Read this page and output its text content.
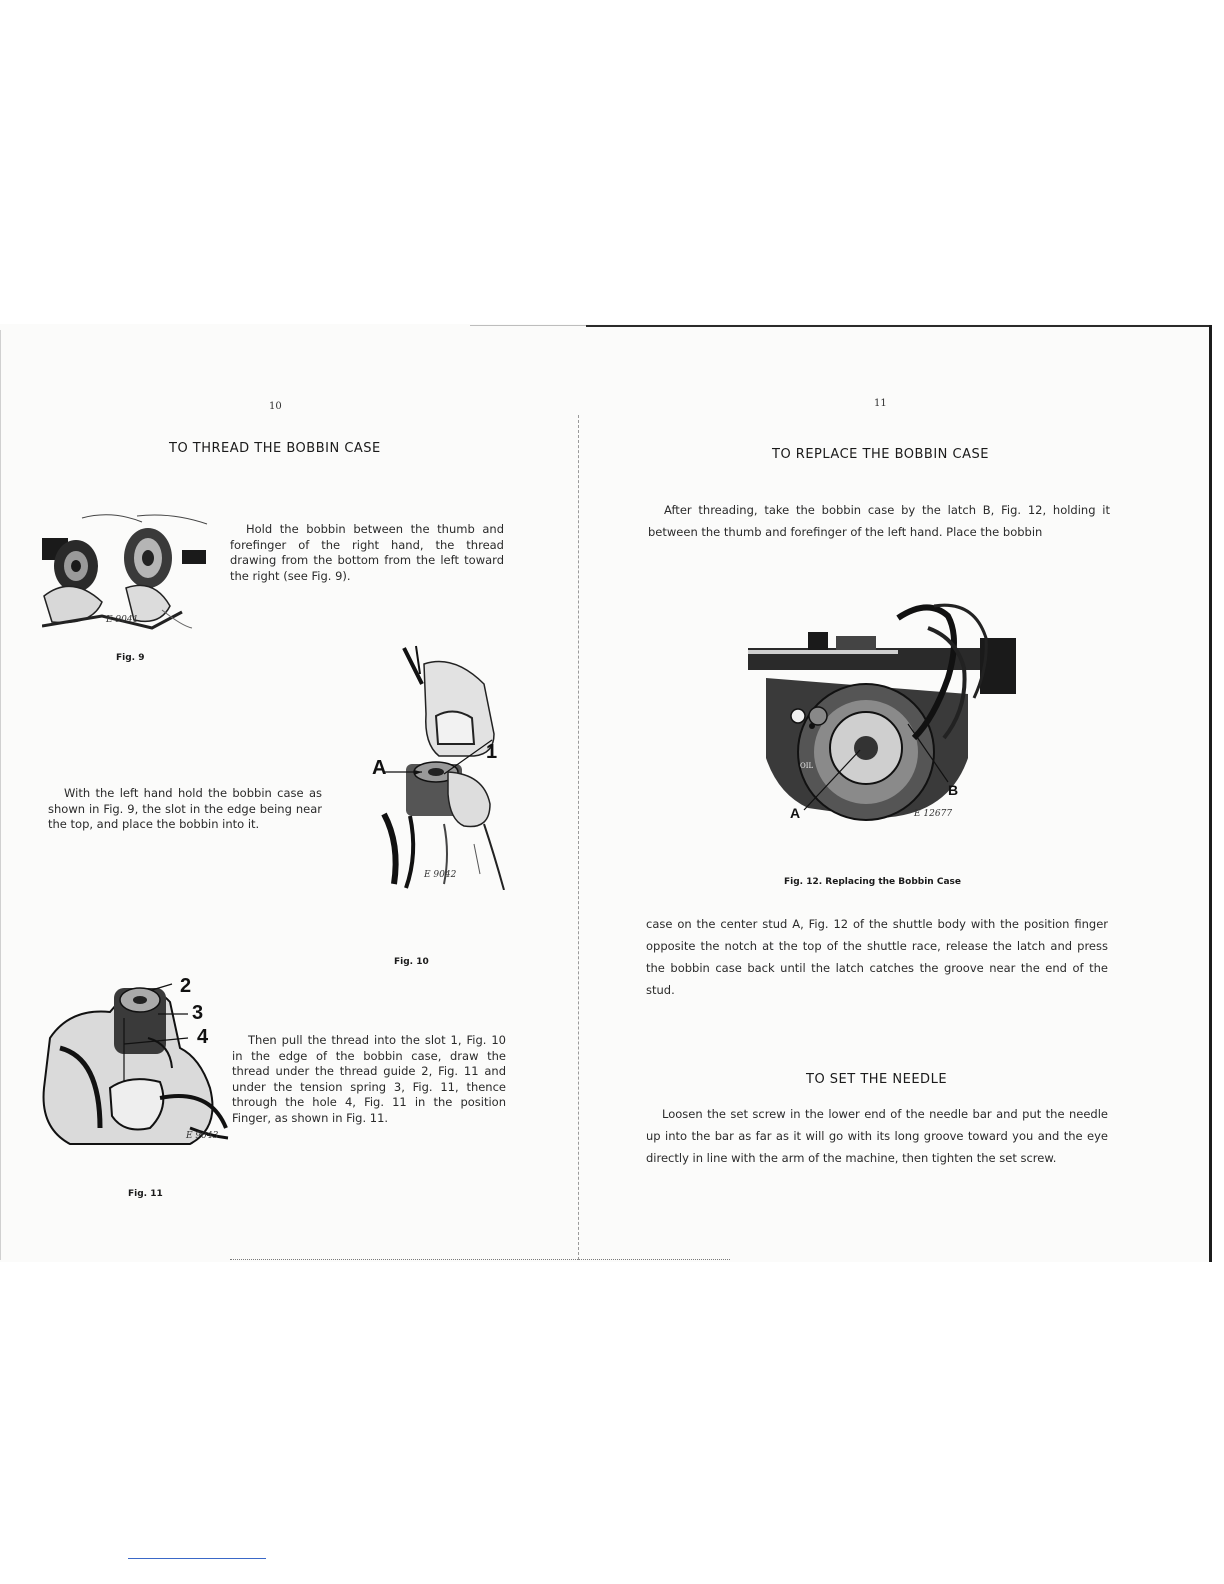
10
TO THREAD THE BOBBIN CASE
E 9041
Fig. 9
Hold the bobbin between the thumb and forefinger of the right hand, the thread drawing from the bottom from the left toward the right (see Fig. 9).
A
1
E 9042
Fig. 10
With the left hand hold the bobbin case as shown in Fig. 9, the slot in the edge being near the top, and place the bobbin into it.
2
3
4
E 9043
Fig. 11
Then pull the thread into the slot 1, Fig. 10 in the edge of the bobbin case, draw the thread under the thread guide 2, Fig. 11 and under the tension spring 3, Fig. 11, thence through the hole 4, Fig. 11 in the position Finger, as shown in Fig. 11.
11
TO REPLACE THE BOBBIN CASE
After threading, take the bobbin case by the latch B, Fig. 12, holding it between the thumb and forefinger of the left hand. Place the bobbin
A
B
OIL
E 12677
Fig. 12. Replacing the Bobbin Case
case on the center stud A, Fig. 12 of the shuttle body with the position finger opposite the notch at the top of the shuttle race, release the latch and press the bobbin case back until the latch catches the groove near the end of the stud.
TO SET THE NEEDLE
Loosen the set screw in the lower end of the needle bar and put the needle up into the bar as far as it will go with its long groove toward you and the eye directly in line with the arm of the machine, then tighten the set screw.
